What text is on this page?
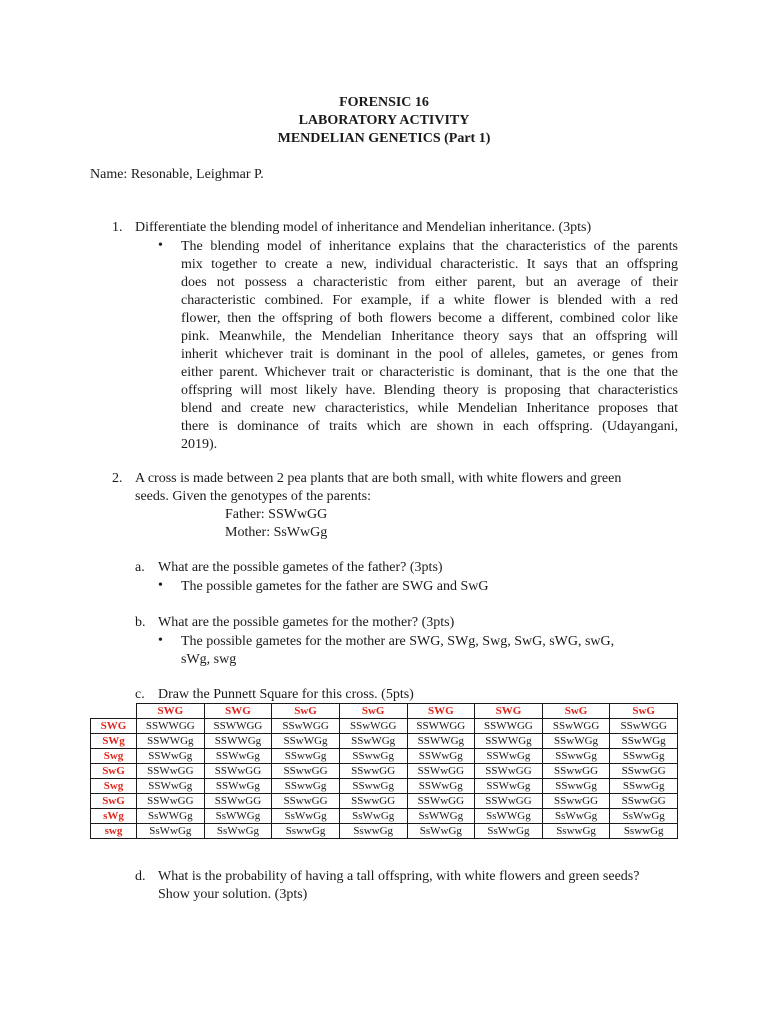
FORENSIC 16
LABORATORY ACTIVITY
MENDELIAN GENETICS (Part 1)
Name: Resonable, Leighmar P.
1. Differentiate the blending model of inheritance and Mendelian inheritance. (3pts)
• The blending model of inheritance explains that the characteristics of the parents
mix together to create a new, individual characteristic. It says that an offspring
does not possess a characteristic from either parent, but an average of their
characteristic combined. For example, if a white flower is blended with a red
flower, then the offspring of both flowers become a different, combined color like
pink. Meanwhile, the Mendelian Inheritance theory says that an offspring will
inherit whichever trait is dominant in the pool of alleles, gametes, or genes from
either parent. Whichever trait or characteristic is dominant, that is the one that the
offspring will most likely have. Blending theory is proposing that characteristics
blend and create new characteristics, while Mendelian Inheritance proposes that
there is dominance of traits which are shown in each offspring. (Udayangani,
2019).
2. A cross is made between 2 pea plants that are both small, with white flowers and green
seeds. Given the genotypes of the parents:
Father: SSWwGG
Mother: SsWwGg
a. What are the possible gametes of the father? (3pts)
• The possible gametes for the father are SWG and SwG
b. What are the possible gametes for the mother? (3pts)
• The possible gametes for the mother are SWG, SWg, Swg, SwG, sWG, swG,
sWg, swg
c. Draw the Punnett Square for this cross. (5pts)
	SWG	SWG	SwG	SwG	SWG	SWG	SwG	SwG
SWG	SSWWGG	SSWWGG	SSwWGG	SSwWGG	SSWWGG	SSWWGG	SSwWGG	SSwWGG
SWg	SSWWGg	SSWWGg	SSwWGg	SSwWGg	SSWWGg	SSWWGg	SSwWGg	SSwWGg
Swg	SSWwGg	SSWwGg	SSwwGg	SSwwGg	SSWwGg	SSWwGg	SSwwGg	SSwwGg
SwG	SSWwGG	SSWwGG	SSwwGG	SSwwGG	SSWwGG	SSWwGG	SSwwGG	SSwwGG
Swg	SSWwGg	SSWwGg	SSwwGg	SSwwGg	SSWwGg	SSWwGg	SSwwGg	SSwwGg
SwG	SSWwGG	SSWwGG	SSwwGG	SSwwGG	SSWwGG	SSWwGG	SSwwGG	SSwwGG
sWg	SsWWGg	SsWWGg	SsWwGg	SsWwGg	SsWWGg	SsWWGg	SsWwGg	SsWwGg
swg	SsWwGg	SsWwGg	SswwGg	SswwGg	SsWwGg	SsWwGg	SswwGg	SswwGg
d. What is the probability of having a tall offspring, with white flowers and green seeds?
Show your solution. (3pts)
